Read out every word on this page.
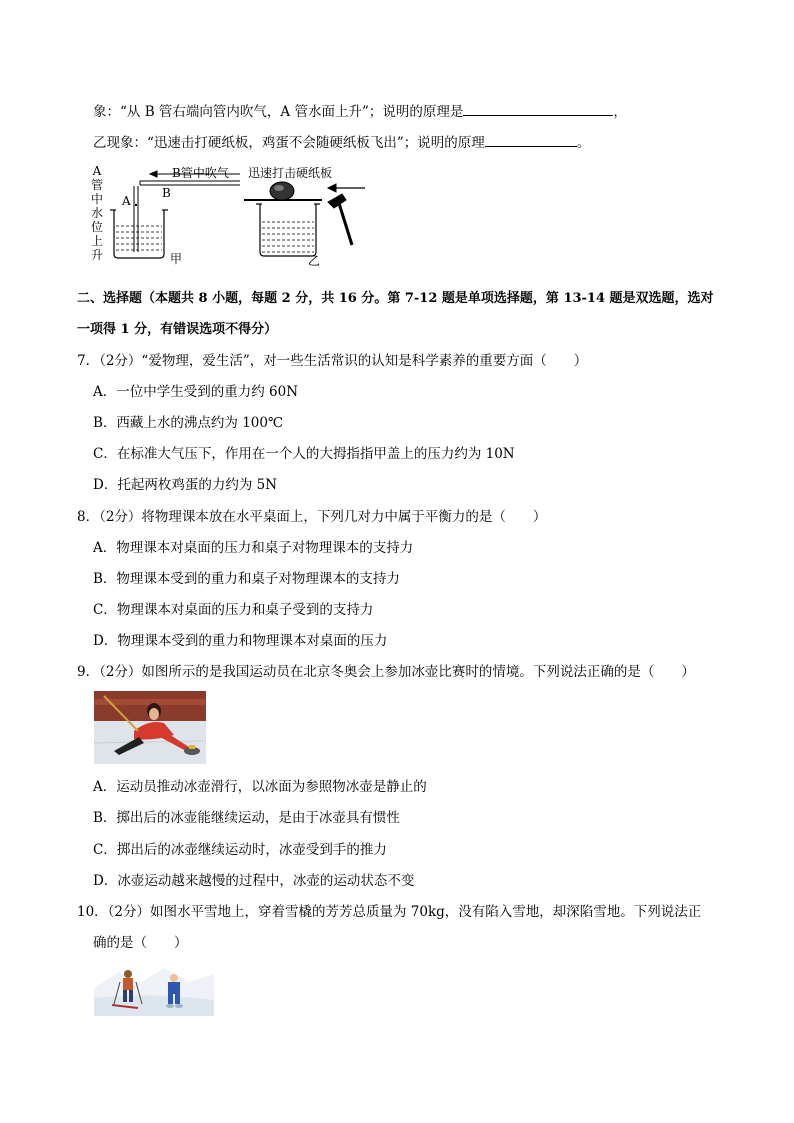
象：“从 B 管右端向管内吹气，A 管水面上升”；说明的原理是	，
乙现象：“迅速击打硬纸板，鸡蛋不会随硬纸板飞出”；说明的原理	。
A
管
中
水
位
上
升
B管中吹气
B
A
甲
迅速打击硬纸板
乙
二、选择题（本题共 8 小题，每题 2 分，共 16 分。第 7-12 题是单项选择题，第 13-14 题是双选题，选对
一项得 1 分，有错误选项不得分）
7．（2分）“爱物理，爱生活”，对一些生活常识的认知是科学素养的重要方面（　　）
A．一位中学生受到的重力约 60N
B．西藏上水的沸点约为 100℃
C．在标准大气压下，作用在一个人的大拇指指甲盖上的压力约为 10N
D．托起两枚鸡蛋的力约为 5N
8．（2分）将物理课本放在水平桌面上，下列几对力中属于平衡力的是（　　）
A．物理课本对桌面的压力和桌子对物理课本的支持力
B．物理课本受到的重力和桌子对物理课本的支持力
C．物理课本对桌面的压力和桌子受到的支持力
D．物理课本受到的重力和物理课本对桌面的压力
9．（2分）如图所示的是我国运动员在北京冬奥会上参加冰壶比赛时的情境。下列说法正确的是（　　）
A．运动员推动冰壶滑行，以冰面为参照物冰壶是静止的
B．掷出后的冰壶能继续运动，是由于冰壶具有惯性
C．掷出后的冰壶继续运动时，冰壶受到手的推力
D．冰壶运动越来越慢的过程中，冰壶的运动状态不变
10．（2分）如图水平雪地上，穿着雪橇的芳芳总质量为 70kg，没有陷入雪地，却深陷雪地。下列说法正
确的是（　　）
